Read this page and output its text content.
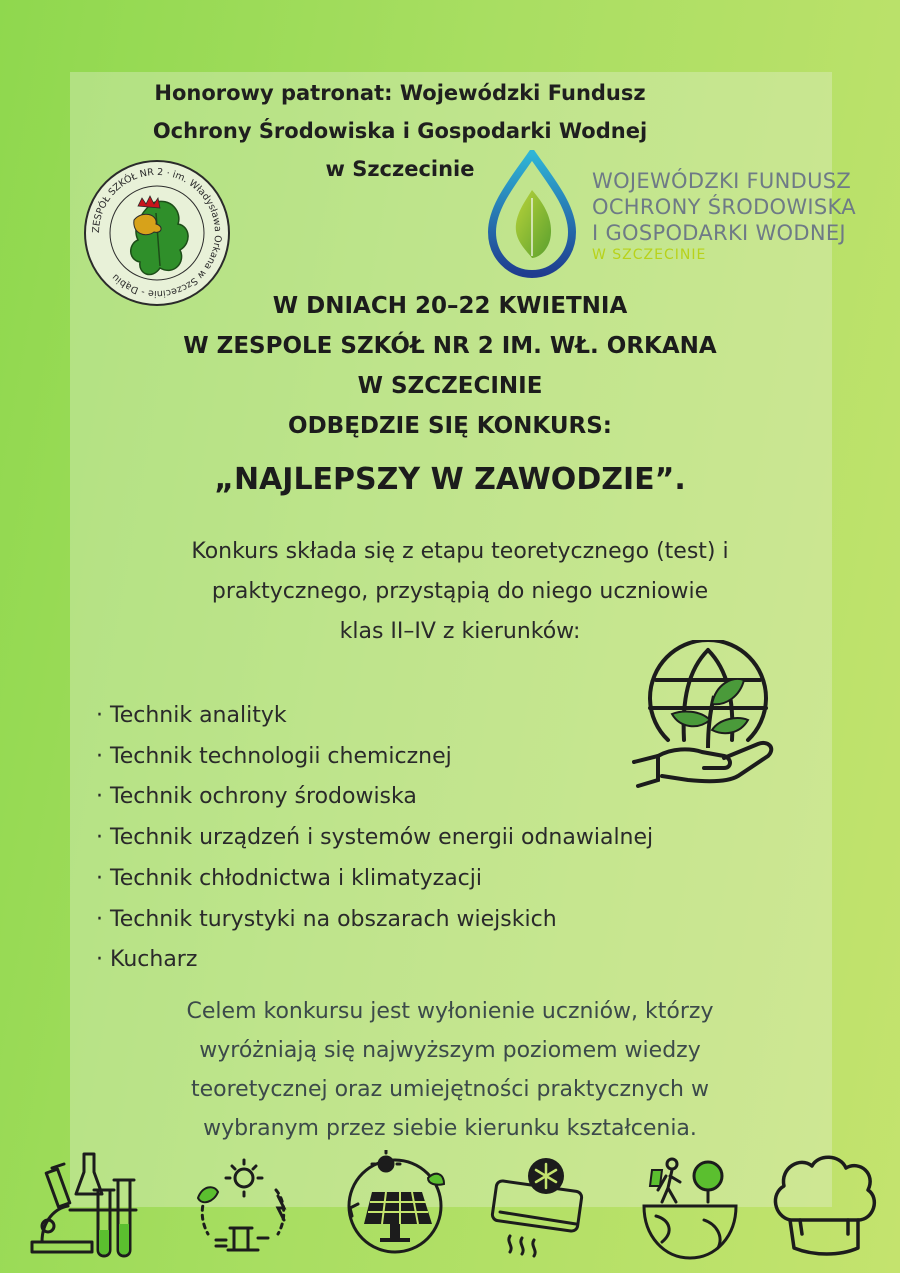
Honorowy patronat: Wojewódzki Fundusz
Ochrony Środowiska i Gospodarki Wodnej
w Szczecinie

ZESPÓŁ SZKÓŁ NR 2 · im. Władysława Orkana w Szczecinie - Dąbiu
WOJEWÓDZKI FUNDUSZ
OCHRONY ŚRODOWISKA
I GOSPODARKI WODNEJ
W SZCZECINIE

W DNIACH 20–22 KWIETNIA
W ZESPOLE SZKÓŁ NR 2 IM. WŁ. ORKANA
W SZCZECINIE
ODBĘDZIE SIĘ KONKURS:

„NAJLEPSZY W ZAWODZIE”.

Konkurs składa się z etapu teoretycznego (test) i
praktycznego, przystąpią do niego uczniowie
klas II–IV z kierunków:

· Technik analityk
· Technik technologii chemicznej
· Technik ochrony środowiska
· Technik urządzeń i systemów energii odnawialnej
· Technik chłodnictwa i klimatyzacji
· Technik turystyki na obszarach wiejskich
· Kucharz

Celem konkursu jest wyłonienie uczniów, którzy
wyróżniają się najwyższym poziomem wiedzy
teoretycznej oraz umiejętności praktycznych w
wybranym przez siebie kierunku kształcenia.
